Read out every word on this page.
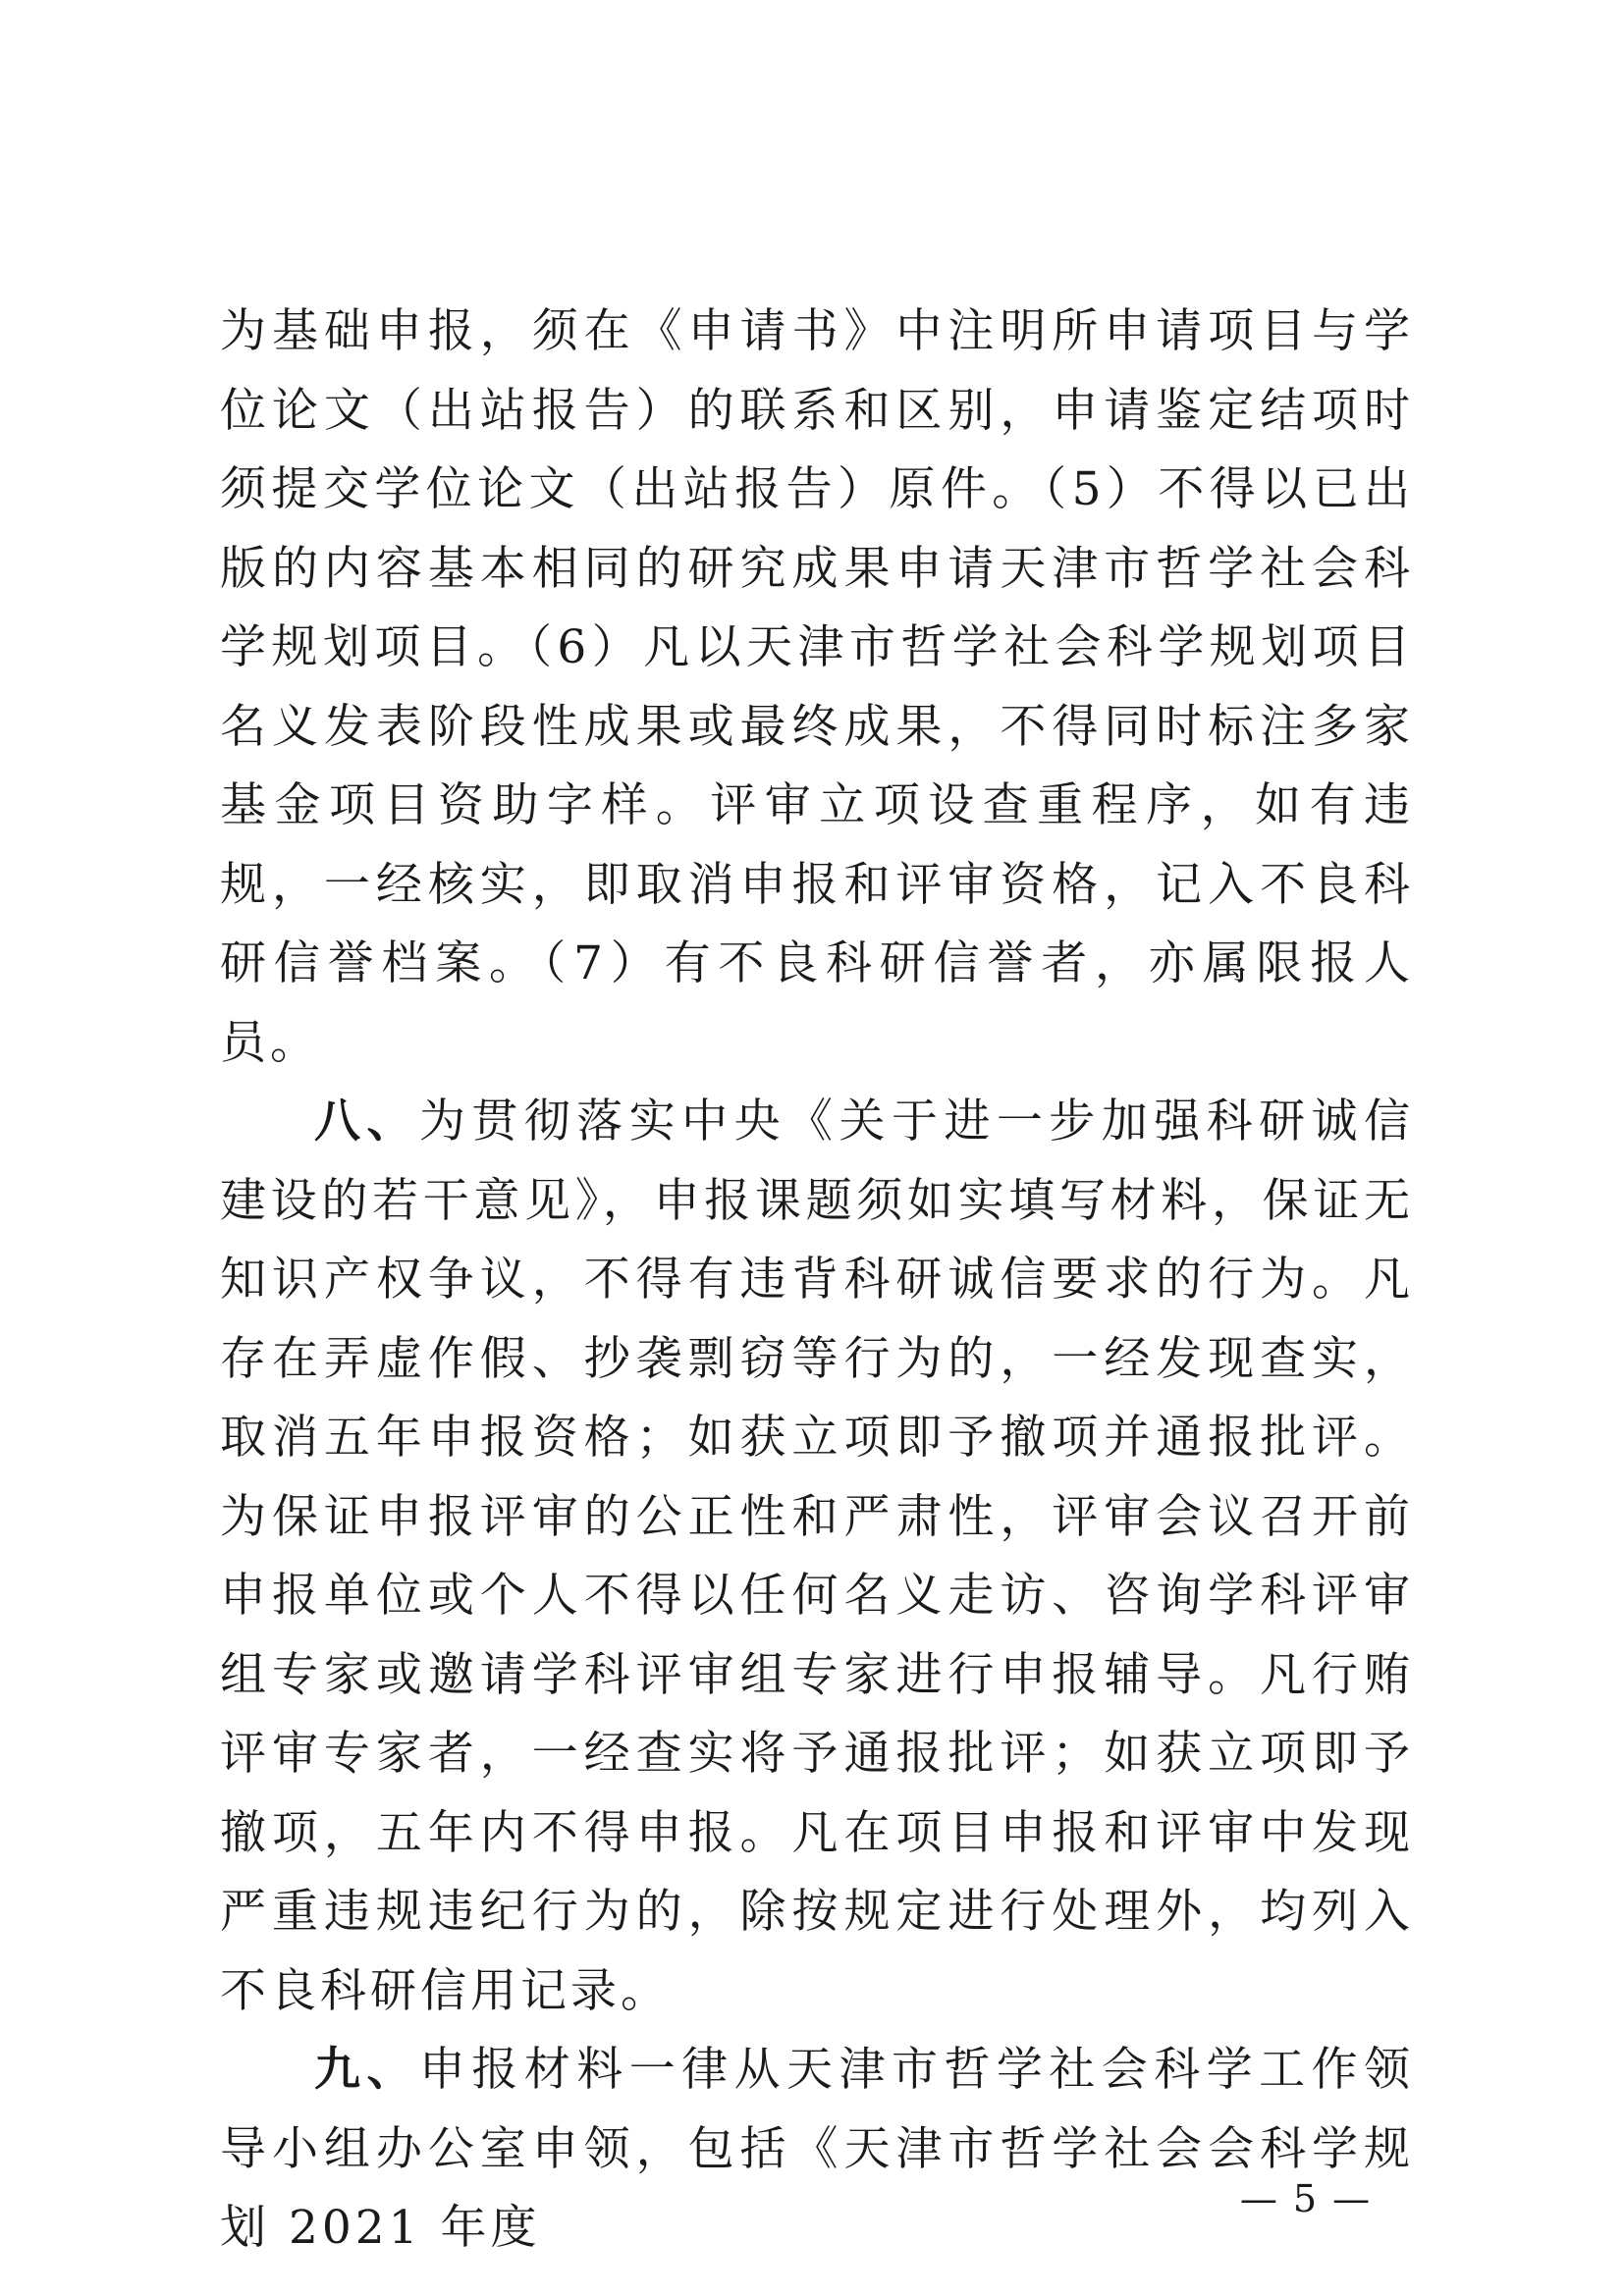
为基础申报，须在《申请书》中注明所申请项目与学位论文（出站报告）的联系和区别，申请鉴定结项时须提交学位论文（出站报告）原件。（5）不得以已出版的内容基本相同的研究成果申请天津市哲学社会科学规划项目。（6）凡以天津市哲学社会科学规划项目名义发表阶段性成果或最终成果，不得同时标注多家基金项目资助字样。评审立项设查重程序，如有违规，一经核实，即取消申报和评审资格，记入不良科研信誉档案。（7）有不良科研信誉者，亦属限报人员。

八、为贯彻落实中央《关于进一步加强科研诚信建设的若干意见》，申报课题须如实填写材料，保证无知识产权争议，不得有违背科研诚信要求的行为。凡存在弄虚作假、抄袭剽窃等行为的，一经发现查实，取消五年申报资格；如获立项即予撤项并通报批评。为保证申报评审的公正性和严肃性，评审会议召开前申报单位或个人不得以任何名义走访、咨询学科评审组专家或邀请学科评审组专家进行申报辅导。凡行贿评审专家者，一经查实将予通报批评；如获立项即予撤项，五年内不得申报。凡在项目申报和评审中发现严重违规违纪行为的，除按规定进行处理外，均列入不良科研信用记录。

九、申报材料一律从天津市哲学社会科学工作领导小组办公室申领，包括《天津市哲学社会会科学规划 2021 年度

— 5 —
